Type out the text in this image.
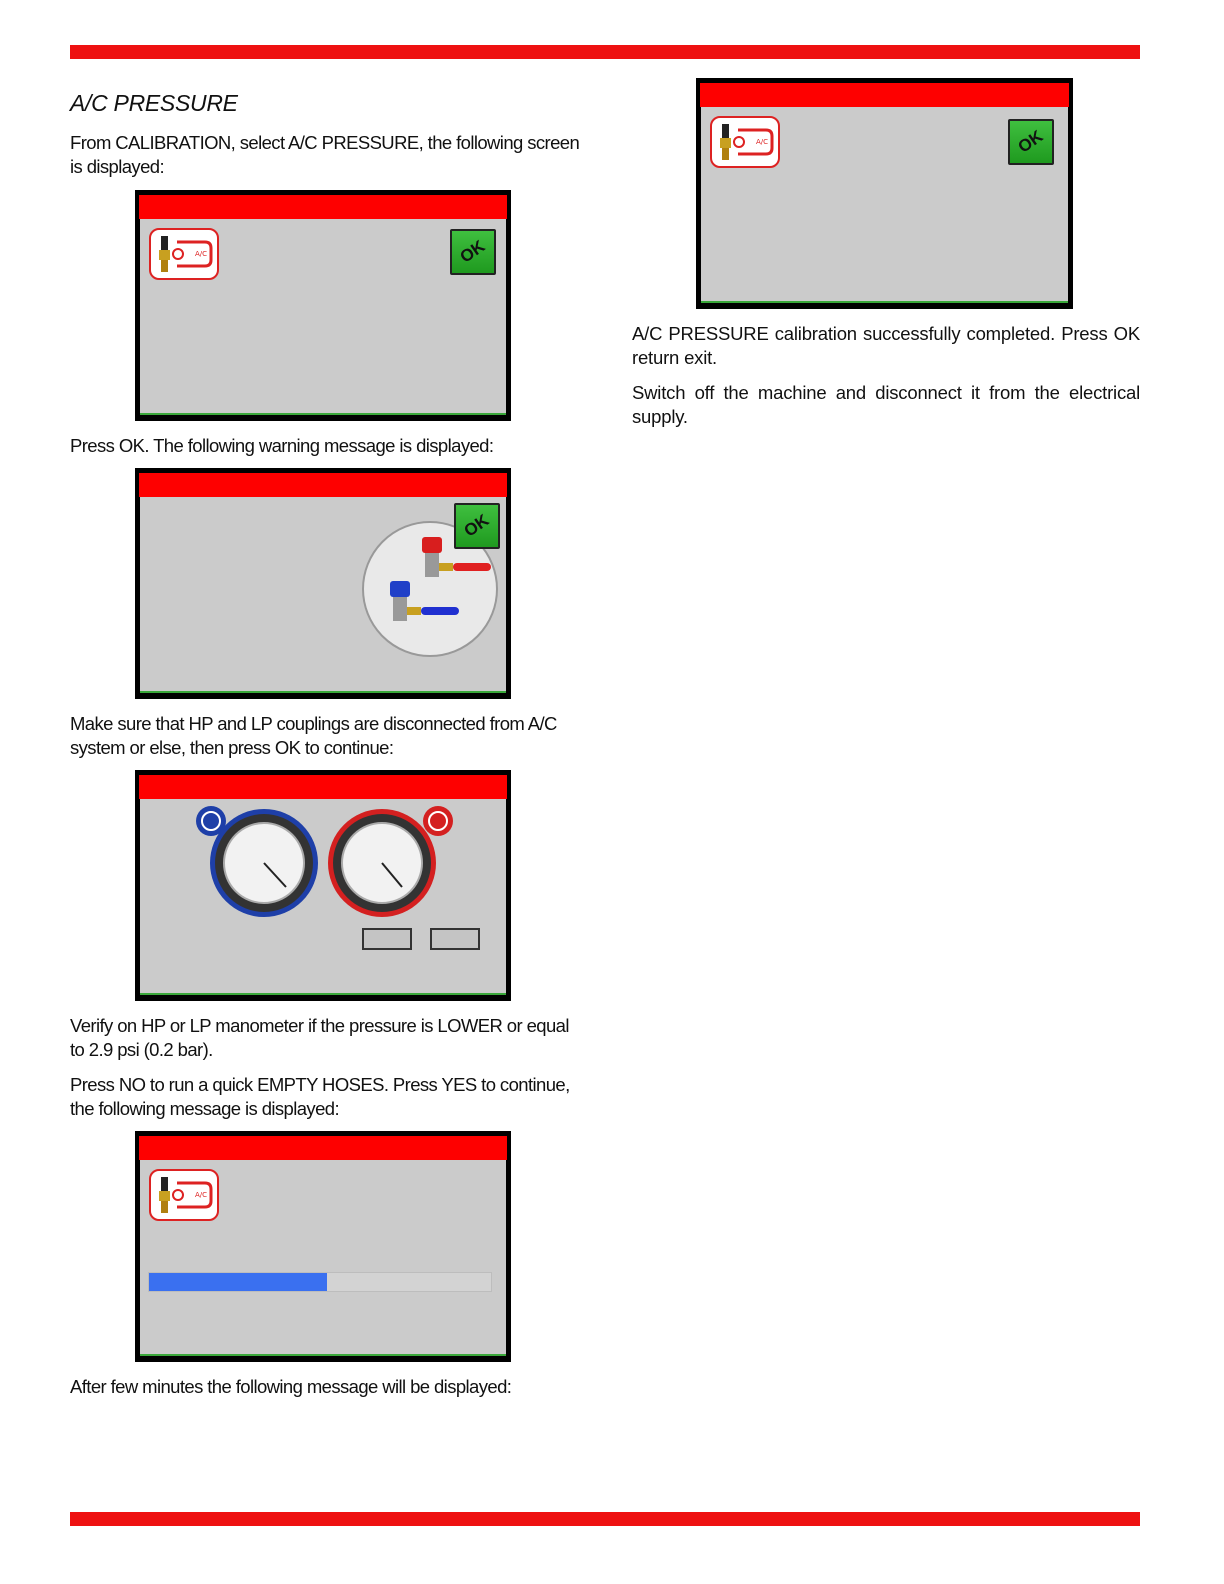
A/C PRESSURE

From CALIBRATION, select A/C PRESSURE, the following screen is displayed:

A/C	OK

Press OK. The following warning message is displayed:

OK

Make sure that HP and LP couplings are disconnected from A/C system or else, then press OK to continue:

Verify on HP or LP manometer if the pressure is LOWER or equal to 2.9 psi (0.2 bar).

Press NO to run a quick EMPTY HOSES. Press YES to continue, the following message is displayed:

A/C

After few minutes the following message will be displayed:

A/C	OK

A/C PRESSURE calibration successfully completed. Press OK return exit.

Switch off the machine and disconnect it from the electrical supply.
